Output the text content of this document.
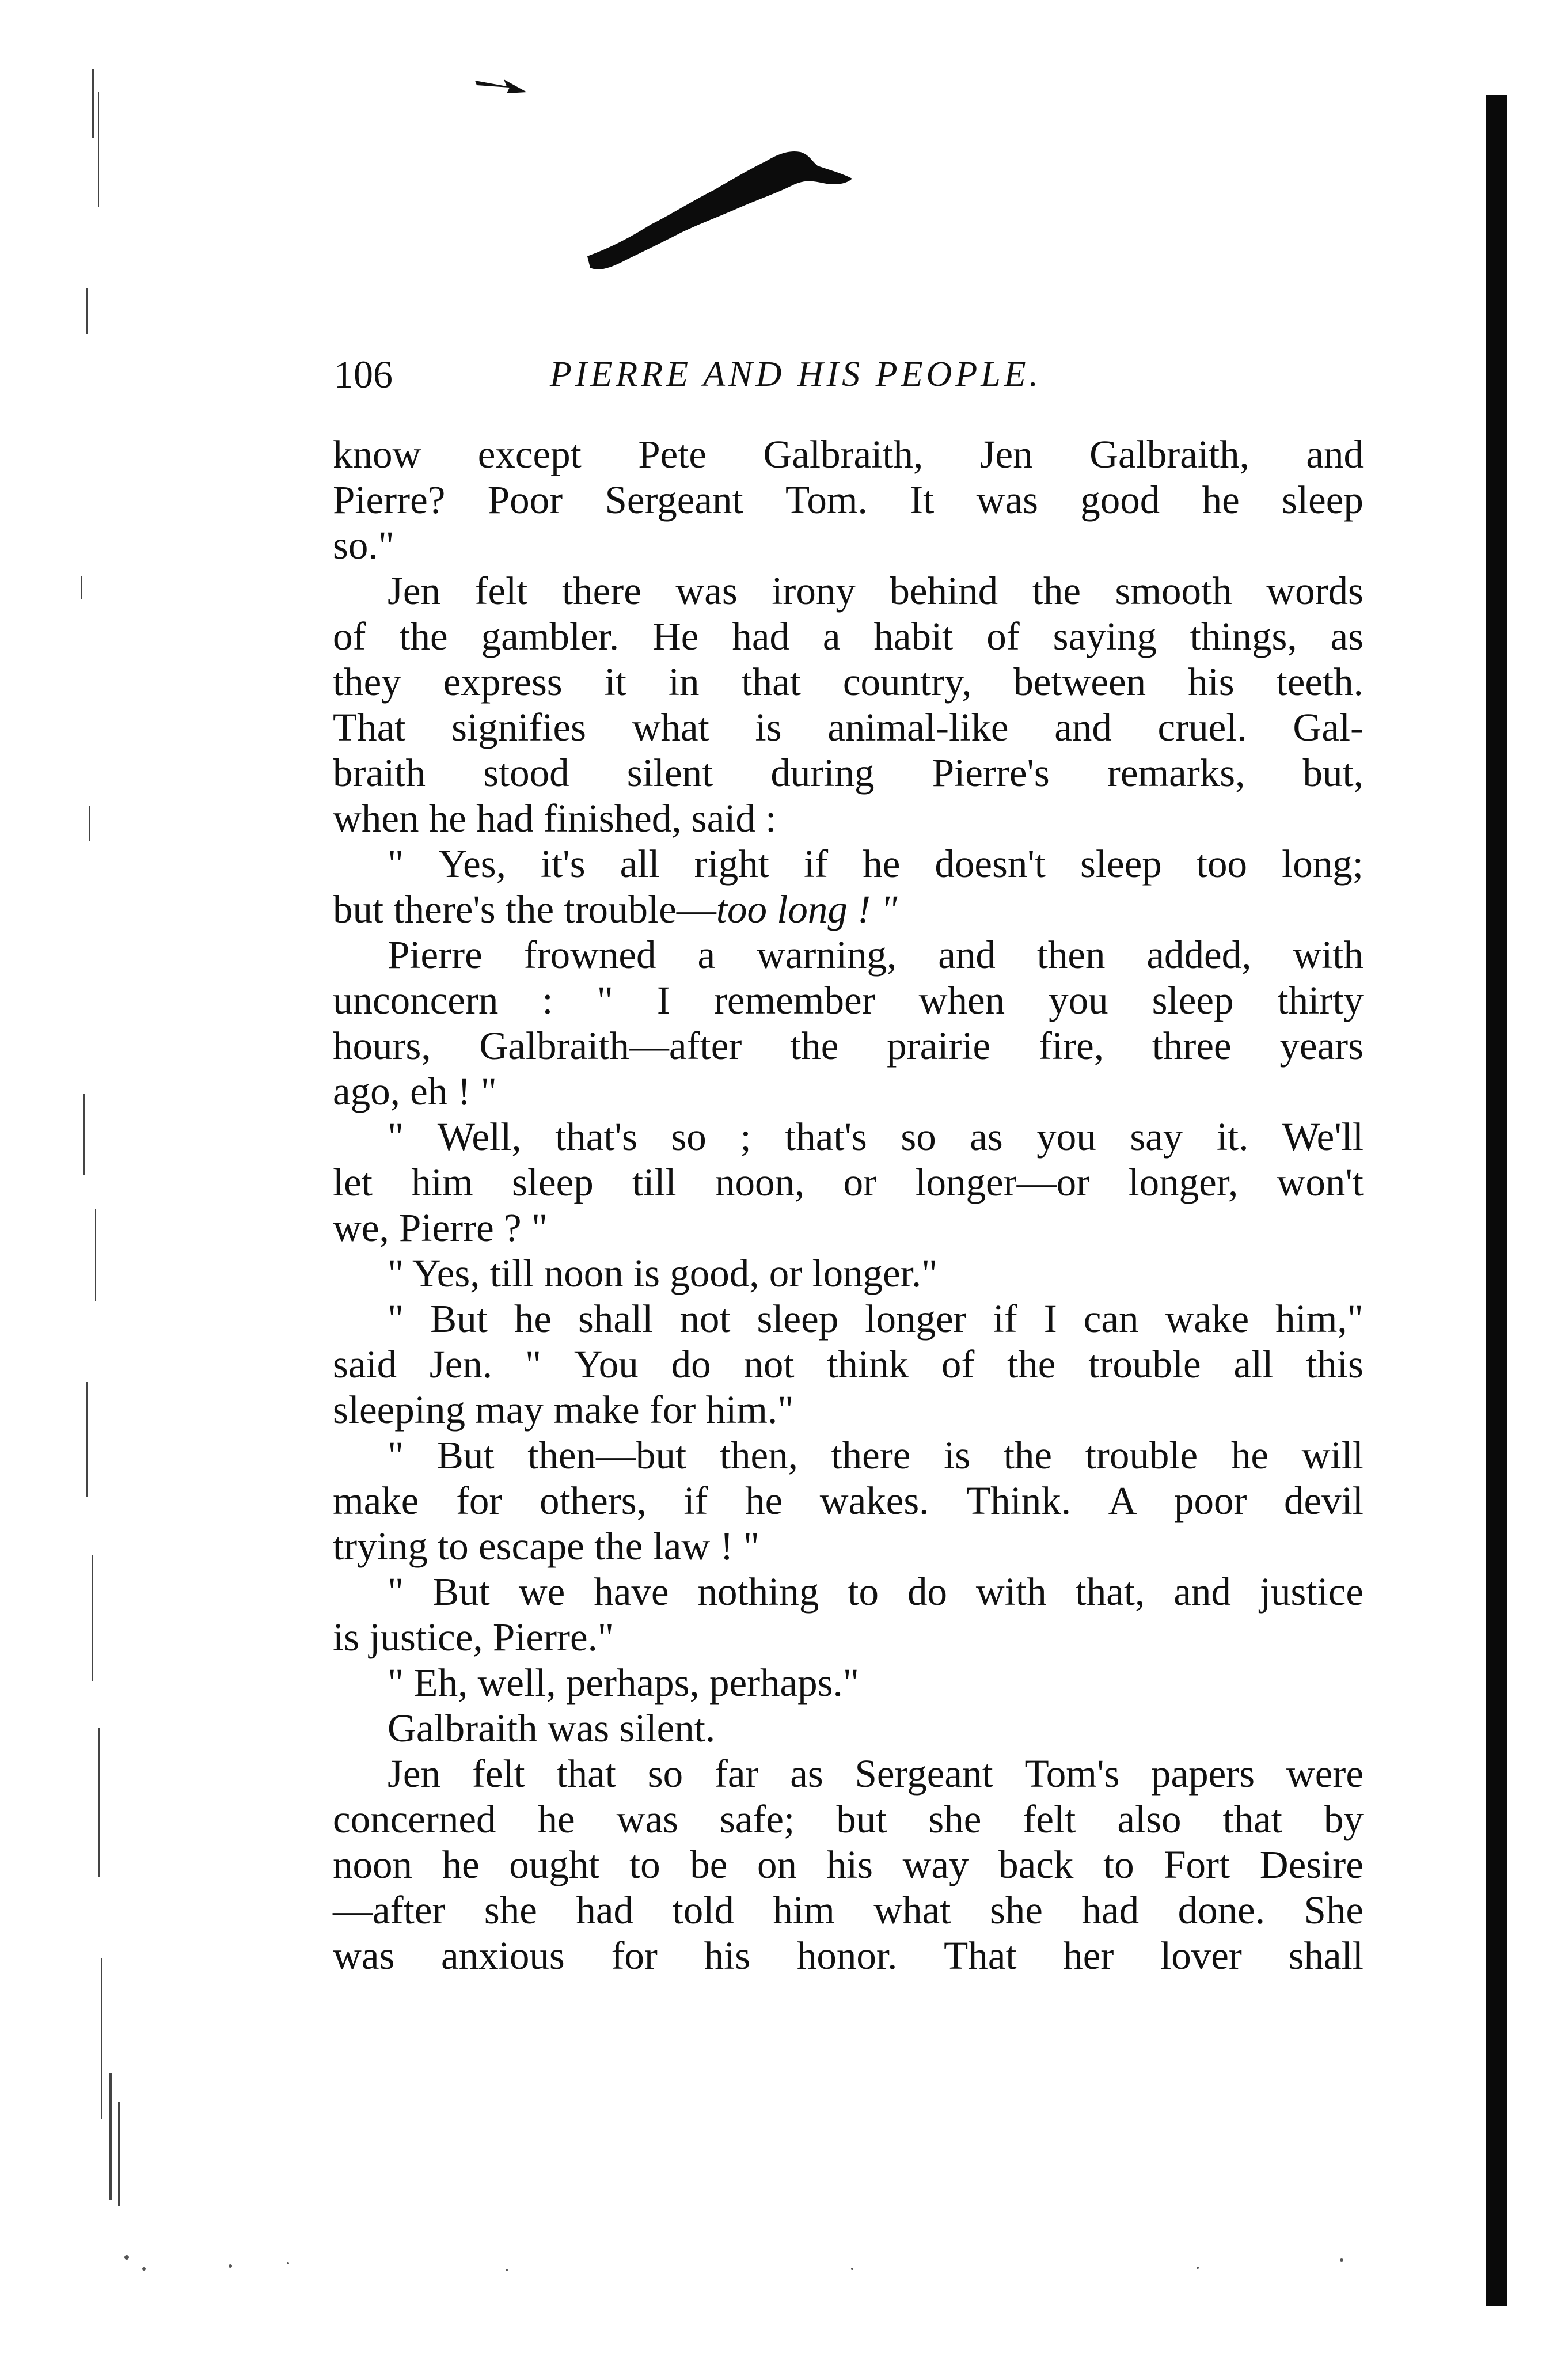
106	PIERRE AND HIS PEOPLE.
know except Pete Galbraith, Jen Galbraith, and
Pierre? Poor Sergeant Tom. It was good he sleep
so."
Jen felt there was irony behind the smooth words
of the gambler. He had a habit of saying things, as
they express it in that country, between his teeth.
That signifies what is animal-like and cruel. Gal-
braith stood silent during Pierre's remarks, but,
when he had finished, said :
" Yes, it's all right if he doesn't sleep too long;
but there's the trouble— too long ! "
Pierre frowned a warning, and then added, with
unconcern : " I remember when you sleep thirty
hours, Galbraith—after the prairie fire, three years
ago, eh ! "
" Well, that's so ; that's so as you say it. We'll
let him sleep till noon, or longer—or longer, won't
we, Pierre ? "
" Yes, till noon is good, or longer."
" But he shall not sleep longer if I can wake him,"
said Jen. " You do not think of the trouble all this
sleeping may make for him."
" But then—but then, there is the trouble he will
make for others, if he wakes. Think. A poor devil
trying to escape the law ! "
" But we have nothing to do with that, and justice
is justice, Pierre."
" Eh, well, perhaps, perhaps."
Galbraith was silent.
Jen felt that so far as Sergeant Tom's papers were
concerned he was safe; but she felt also that by
noon he ought to be on his way back to Fort Desire
—after she had told him what she had done. She
was anxious for his honor. That her lover shall
